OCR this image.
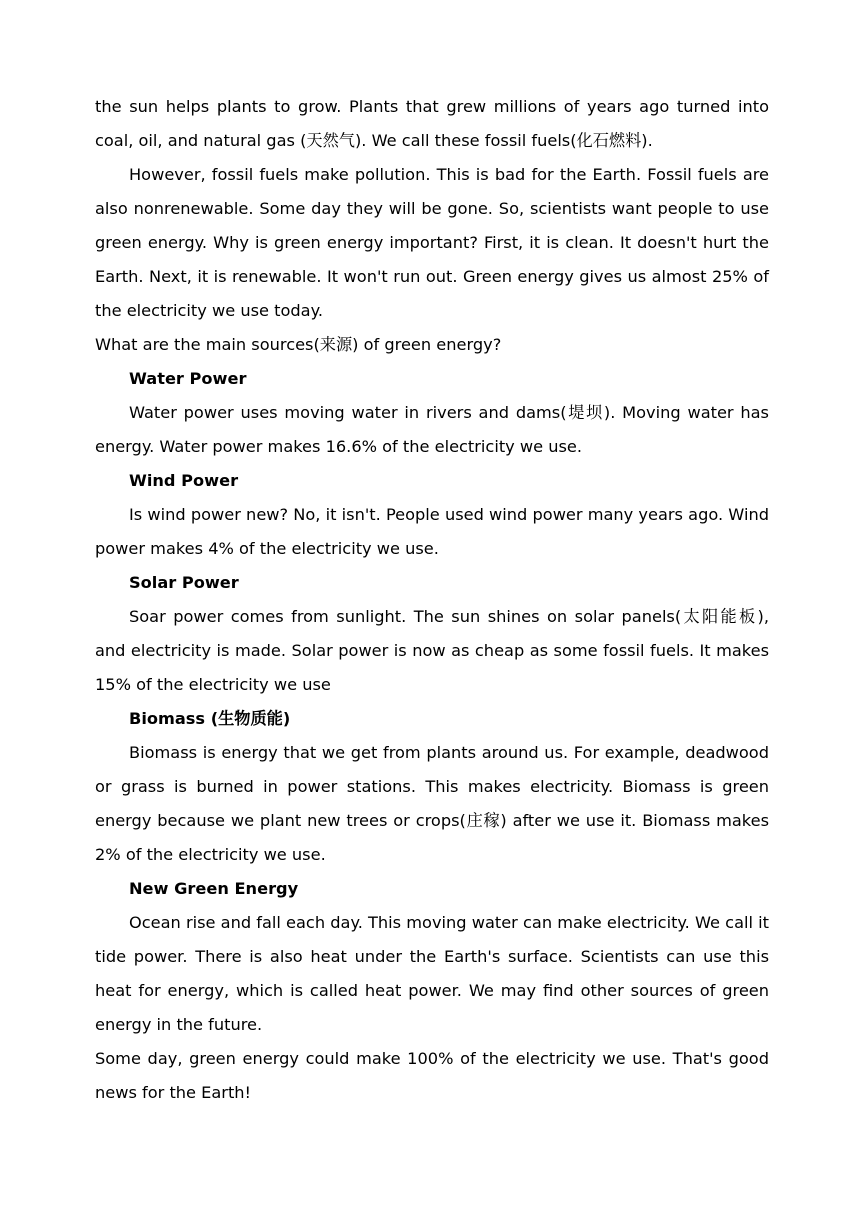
the sun helps plants to grow. Plants that grew millions of years ago turned into coal, oil, and natural gas (天然气). We call these fossil fuels(化石燃料).

However, fossil fuels make pollution. This is bad for the Earth. Fossil fuels are also nonrenewable. Some day they will be gone. So, scientists want people to use green energy. Why is green energy important? First, it is clean. It doesn't hurt the Earth. Next, it is renewable. It won't run out. Green energy gives us almost 25% of the electricity we use today.

What are the main sources(来源) of green energy?

Water Power

Water power uses moving water in rivers and dams(堤坝). Moving water has energy. Water power makes 16.6% of the electricity we use.

Wind Power

Is wind power new? No, it isn't. People used wind power many years ago. Wind power makes 4% of the electricity we use.

Solar Power

Soar power comes from sunlight. The sun shines on solar panels(太阳能板), and electricity is made. Solar power is now as cheap as some fossil fuels. It makes 15% of the electricity we use

Biomass (生物质能)

Biomass is energy that we get from plants around us. For example, deadwood or grass is burned in power stations. This makes electricity. Biomass is green energy because we plant new trees or crops(庄稼) after we use it. Biomass makes 2% of the electricity we use.

New Green Energy

Ocean rise and fall each day. This moving water can make electricity. We call it tide power. There is also heat under the Earth's surface. Scientists can use this heat for energy, which is called heat power. We may find other sources of green energy in the future.

Some day, green energy could make 100% of the electricity we use. That's good news for the Earth!
